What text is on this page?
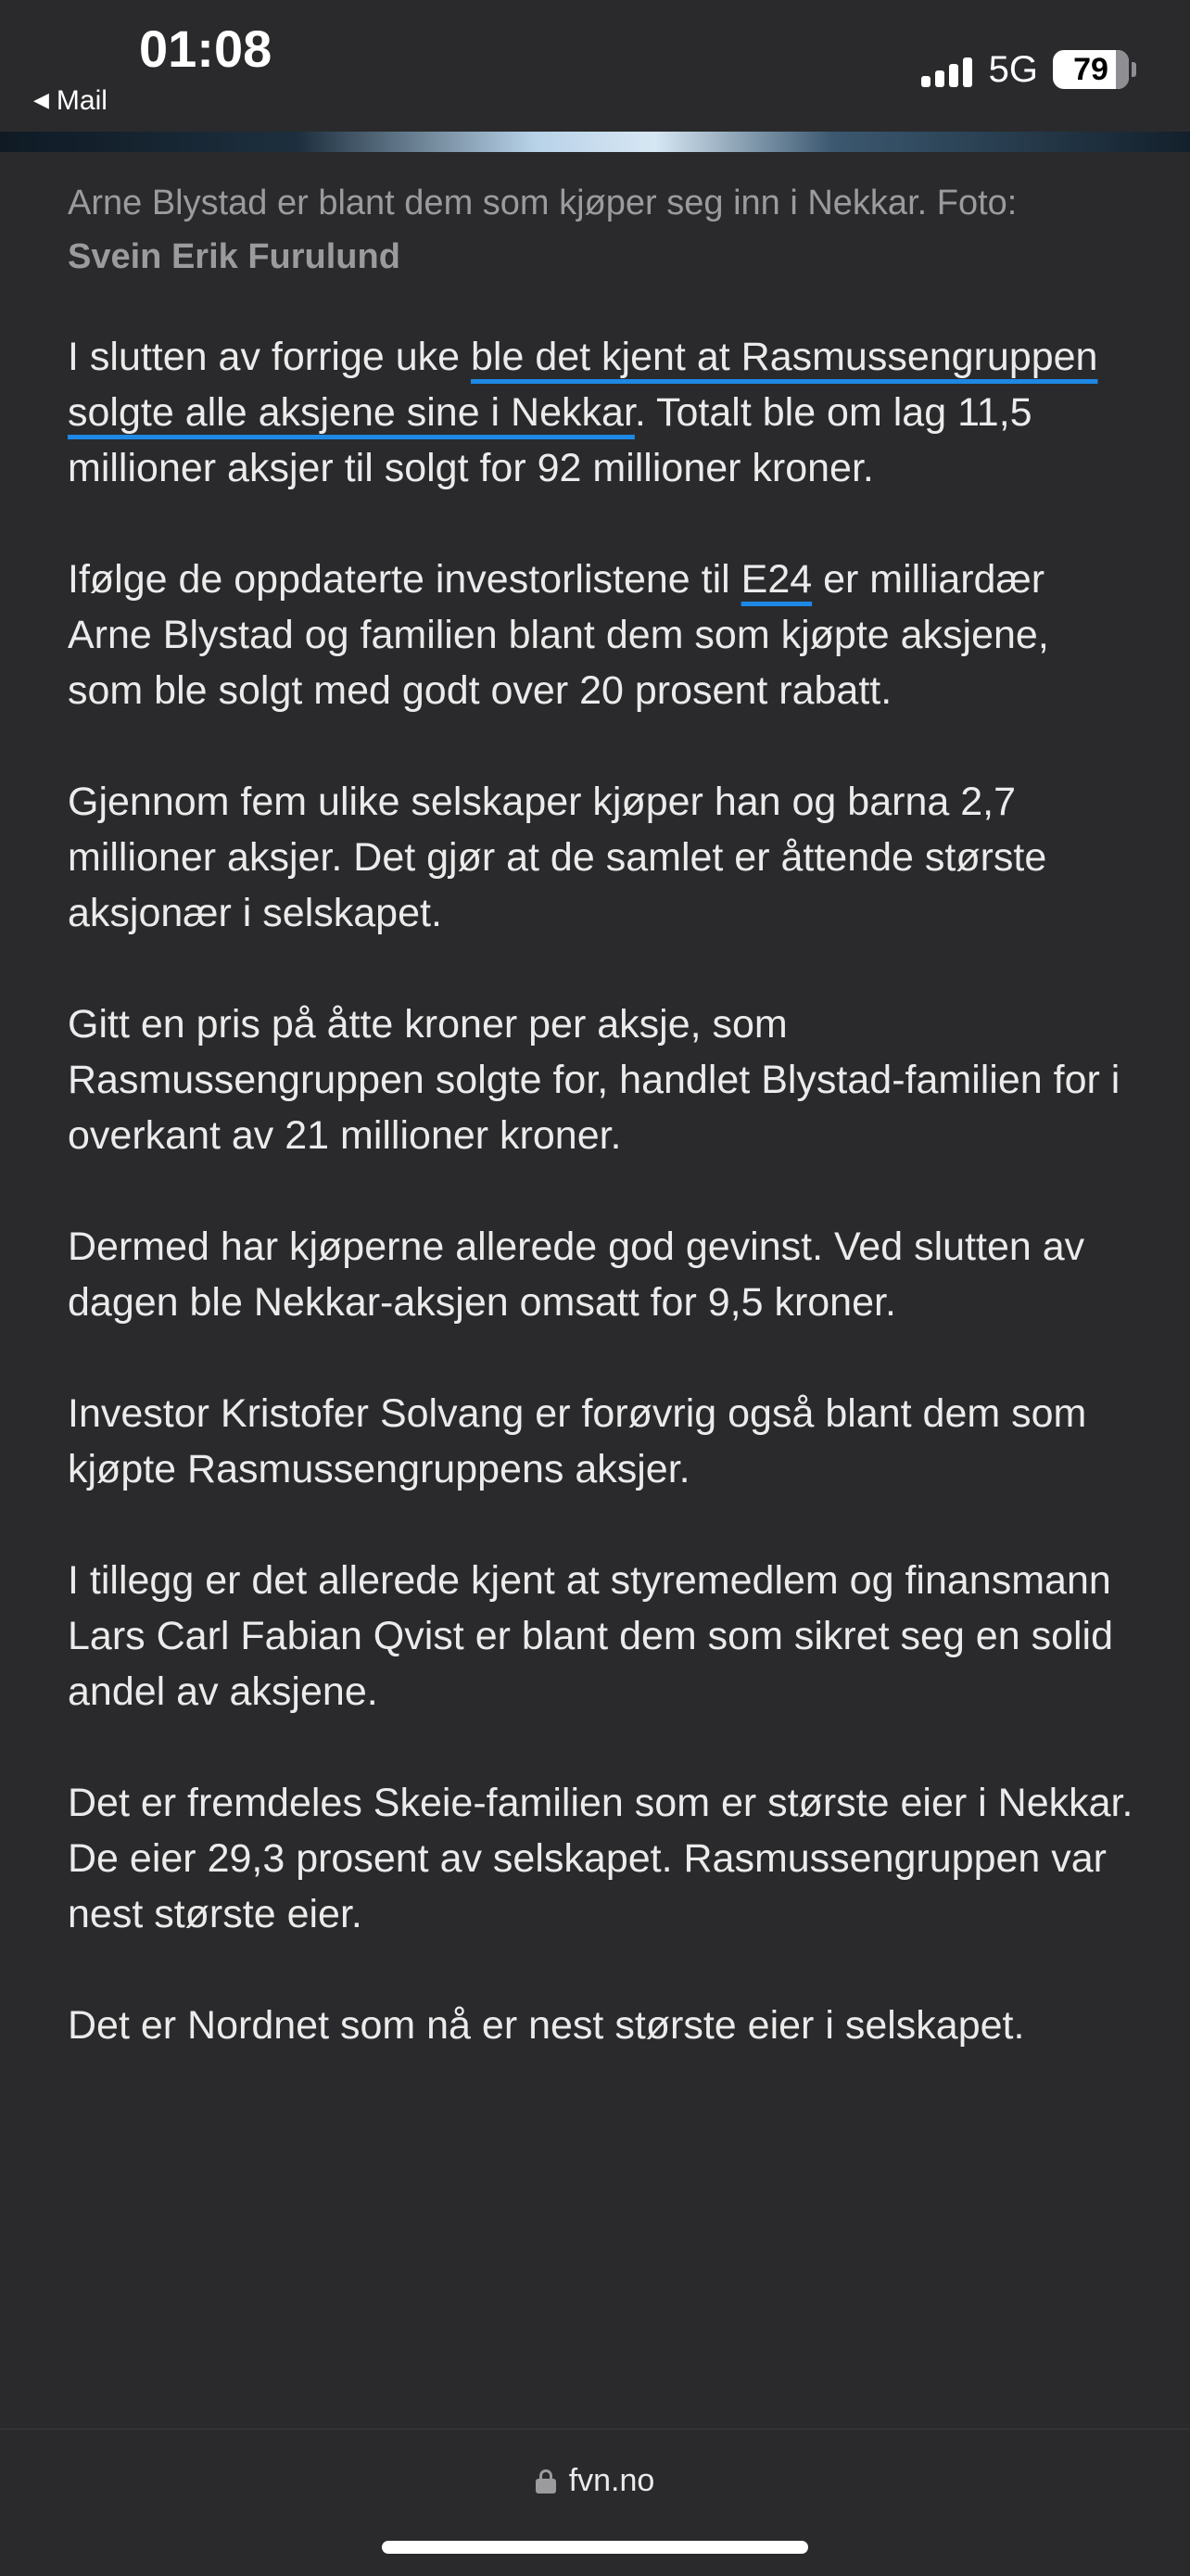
01:08
◀ Mail
5G 79
Arne Blystad er blant dem som kjøper seg inn i Nekkar. Foto:
Svein Erik Furulund

I slutten av forrige uke ble det kjent at Rasmussengruppen solgte alle aksjene sine i Nekkar. Totalt ble om lag 11,5 millioner aksjer til solgt for 92 millioner kroner.

Ifølge de oppdaterte investorlistene til E24 er milliardær Arne Blystad og familien blant dem som kjøpte aksjene, som ble solgt med godt over 20 prosent rabatt.

Gjennom fem ulike selskaper kjøper han og barna 2,7 millioner aksjer. Det gjør at de samlet er åttende største aksjonær i selskapet.

Gitt en pris på åtte kroner per aksje, som Rasmussengruppen solgte for, handlet Blystad-familien for i overkant av 21 millioner kroner.

Dermed har kjøperne allerede god gevinst. Ved slutten av dagen ble Nekkar-aksjen omsatt for 9,5 kroner.

Investor Kristofer Solvang er forøvrig også blant dem som kjøpte Rasmussengruppens aksjer.

I tillegg er det allerede kjent at styremedlem og finansmann Lars Carl Fabian Qvist er blant dem som sikret seg en solid andel av aksjene.

Det er fremdeles Skeie-familien som er største eier i Nekkar. De eier 29,3 prosent av selskapet. Rasmussengruppen var nest største eier.

Det er Nordnet som nå er nest største eier i selskapet.

fvn.no
